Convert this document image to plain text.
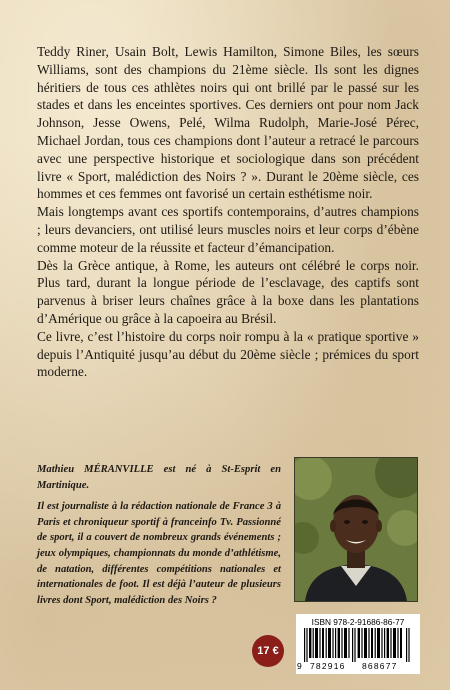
Teddy Riner, Usain Bolt, Lewis Hamilton, Simone Biles, les sœurs Williams, sont des champions du 21ème siècle. Ils sont les dignes héritiers de tous ces athlètes noirs qui ont brillé par le passé sur les stades et dans les enceintes sportives. Ces derniers ont pour nom Jack Johnson, Jesse Owens, Pelé, Wilma Rudolph, Marie-José Pérec, Michael Jordan, tous ces champions dont l’auteur a retracé le parcours avec une perspective historique et sociologique dans son précédent livre « Sport, malédiction des Noirs ? ». Durant le 20ème siècle, ces hommes et ces femmes ont favorisé un certain esthétisme noir.

Mais longtemps avant ces sportifs contemporains, d’autres champions ; leurs devanciers, ont utilisé leurs muscles noirs et leur corps d’ébène comme moteur de la réussite et facteur d’émancipation.

Dès la Grèce antique, à Rome, les auteurs ont célébré le corps noir. Plus tard, durant la longue période de l’esclavage, des captifs sont parvenus à briser leurs chaînes grâce à la boxe dans les plantations d’Amérique ou grâce à la capoeira au Brésil.

Ce livre, c’est l’histoire du corps noir rompu à la « pratique sportive » depuis l’Antiquité jusqu’au début du 20ème siècle ; prémices du sport moderne.

Mathieu MÉRANVILLE est né à St-Esprit en Martinique.

Il est journaliste à la rédaction nationale de France 3 à Paris et chroniqueur sportif à franceinfo Tv. Passionné de sport, il a couvert de nombreux grands événements ; jeux olympiques, championnats du monde d’athlétisme, de natation, différentes compétitions nationales et internationales de foot. Il est déjà l’auteur de plusieurs livres dont Sport, malédiction des Noirs ?

17 €
ISBN 978-2-91686-86-77
9 782916	868677
